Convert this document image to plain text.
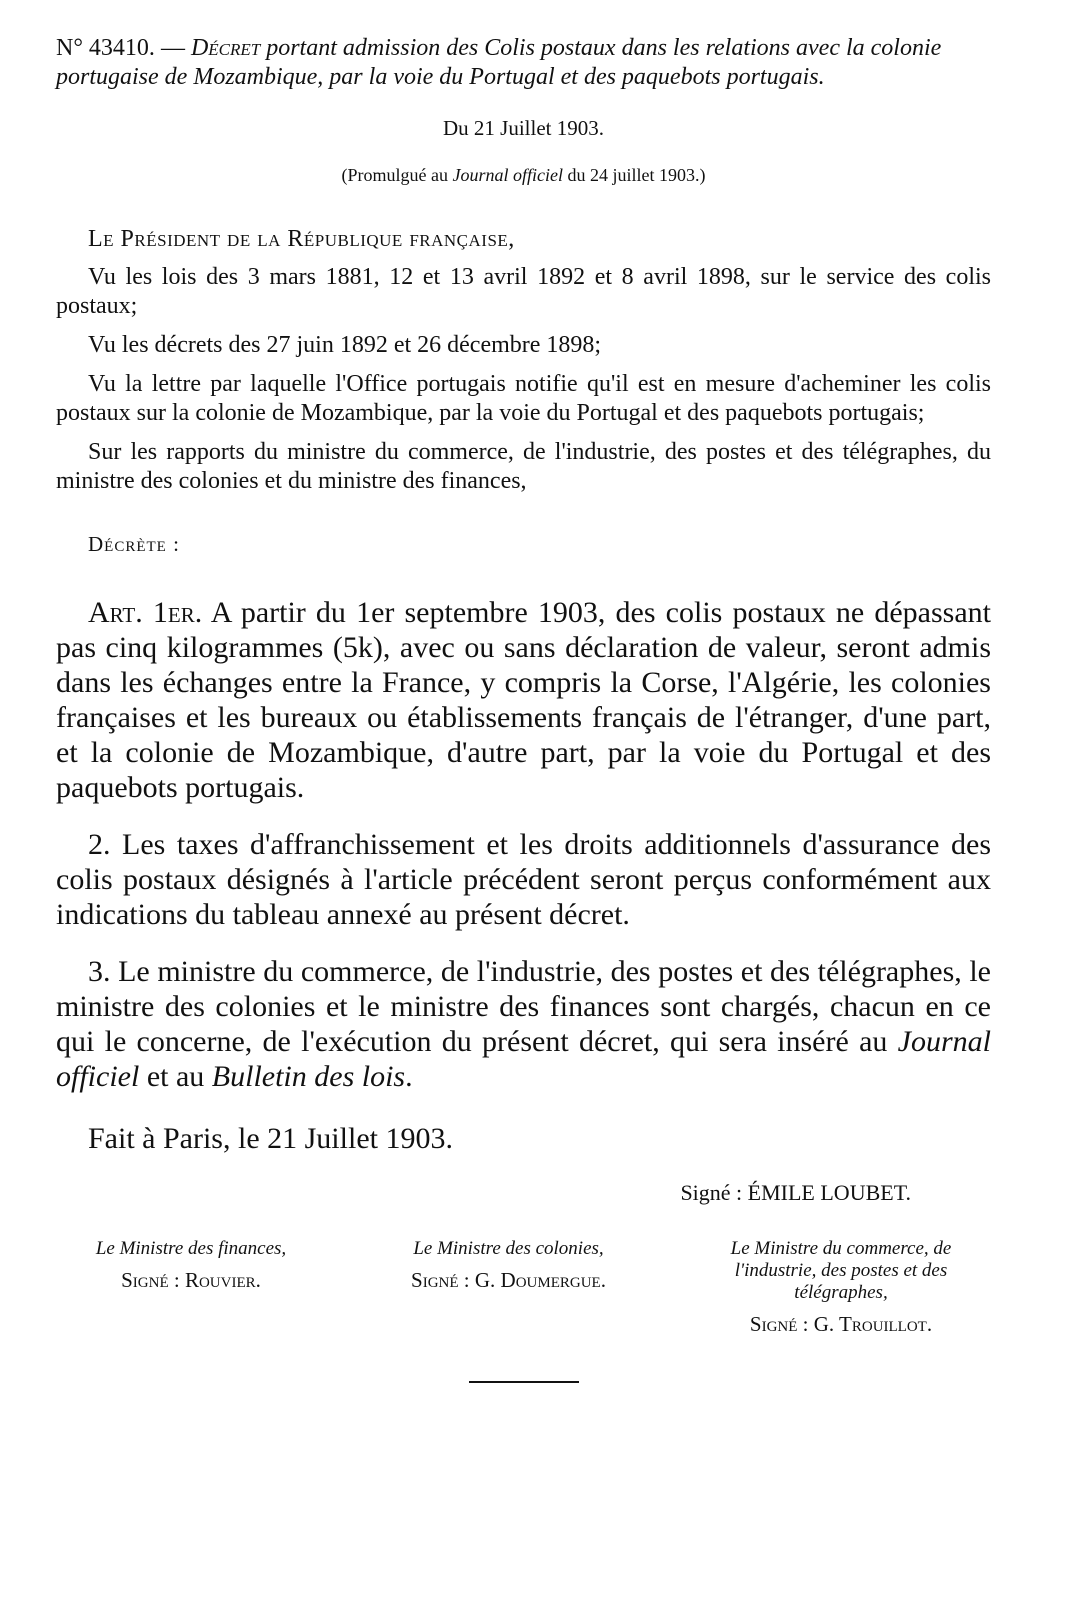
N° 43410. — Décret portant admission des Colis postaux dans les relations avec la colonie portugaise de Mozambique, par la voie du Portugal et des paquebots portugais.
Du 21 Juillet 1903.
(Promulgué au Journal officiel du 24 juillet 1903.)
Le Président de la République française,
Vu les lois des 3 mars 1881, 12 et 13 avril 1892 et 8 avril 1898, sur le service des colis postaux;
Vu les décrets des 27 juin 1892 et 26 décembre 1898;
Vu la lettre par laquelle l'Office portugais notifie qu'il est en mesure d'acheminer les colis postaux sur la colonie de Mozambique, par la voie du Portugal et des paquebots portugais;
Sur les rapports du ministre du commerce, de l'industrie, des postes et des télégraphes, du ministre des colonies et du ministre des finances,
Décrète :
Art. 1er. A partir du 1er septembre 1903, des colis postaux ne dépassant pas cinq kilogrammes (5k), avec ou sans déclaration de valeur, seront admis dans les échanges entre la France, y compris la Corse, l'Algérie, les colonies françaises et les bureaux ou établissements français de l'étranger, d'une part, et la colonie de Mozambique, d'autre part, par la voie du Portugal et des paquebots portugais.
2. Les taxes d'affranchissement et les droits additionnels d'assurance des colis postaux désignés à l'article précédent seront perçus conformément aux indications du tableau annexé au présent décret.
3. Le ministre du commerce, de l'industrie, des postes et des télégraphes, le ministre des colonies et le ministre des finances sont chargés, chacun en ce qui le concerne, de l'exécution du présent décret, qui sera inséré au Journal officiel et au Bulletin des lois.
Fait à Paris, le 21 Juillet 1903.
Signé : ÉMILE LOUBET.
Le Ministre des finances,
Signé : Rouvier.
Le Ministre des colonies,
Signé : G. Doumergue.
Le Ministre du commerce, de l'industrie, des postes et des télégraphes,
Signé : G. Trouillot.
